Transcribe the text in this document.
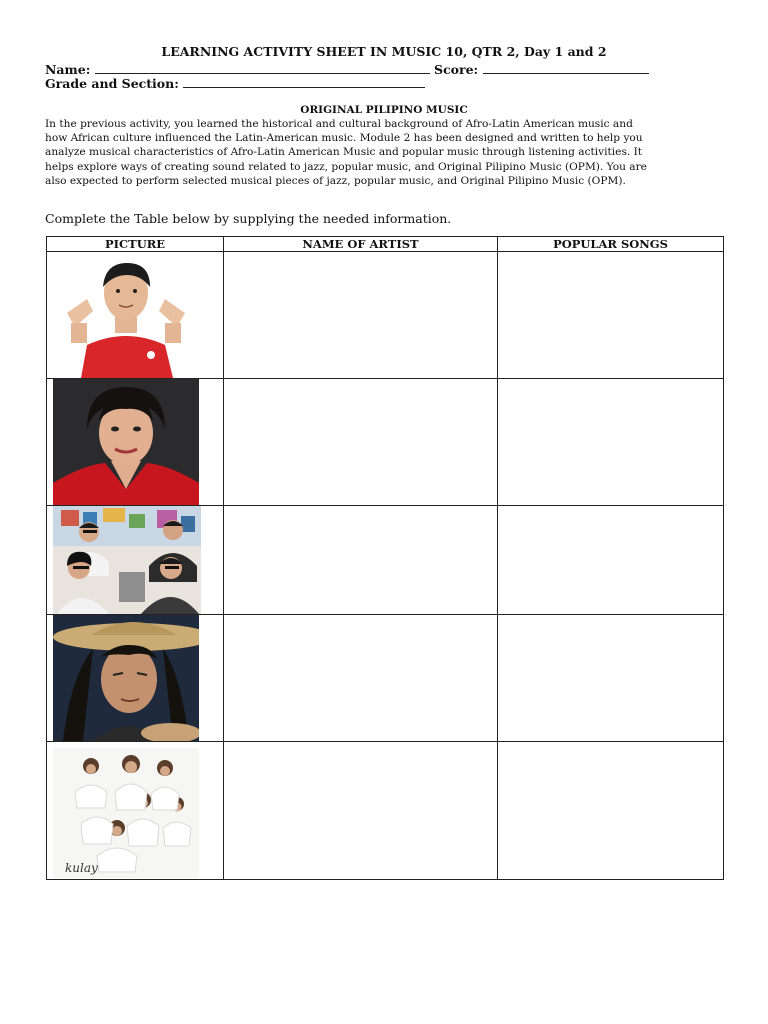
LEARNING ACTIVITY SHEET IN MUSIC 10, QTR 2, Day 1 and 2
Name:	Score:
Grade and Section:
ORIGINAL PILIPINO MUSIC
In the previous activity, you learned the historical and cultural background of Afro-Latin American music and
how African culture influenced the Latin-American music. Module 2 has been designed and written to help you
analyze musical characteristics of Afro-Latin American Music and popular music through listening activities. It
helps explore ways of creating sound related to jazz, popular music, and Original Pilipino Music (OPM). You are
also expected to perform selected musical pieces of jazz, popular music, and Original Pilipino Music (OPM).
Complete the Table below by supplying the needed information.
PICTURE	NAME OF ARTIST	POPULAR SONGS

kulay		
